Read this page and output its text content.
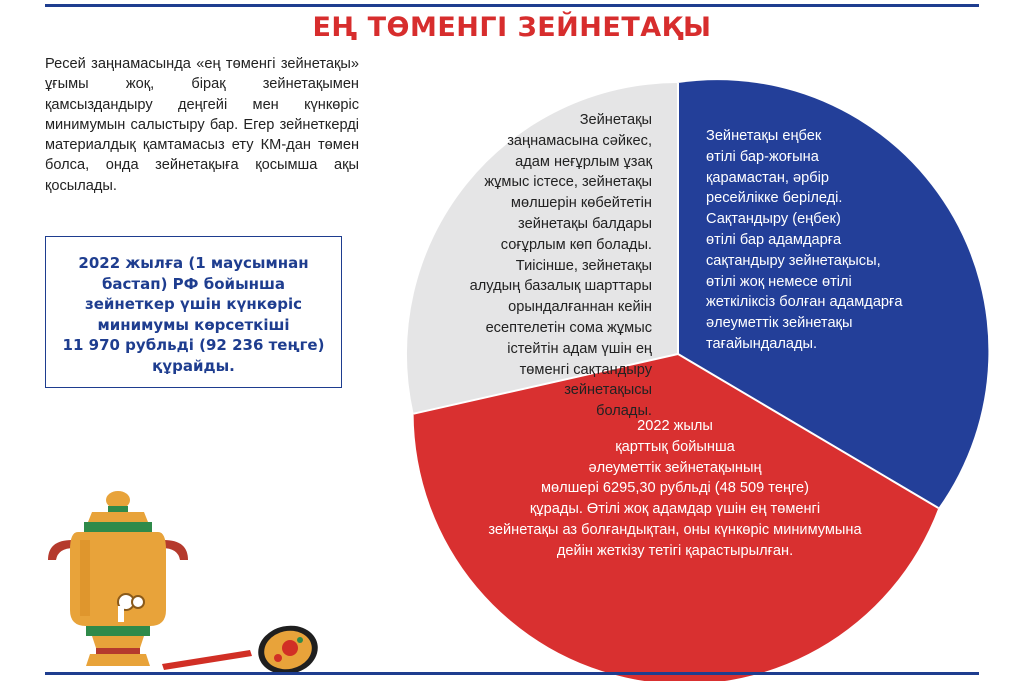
ЕҢ ТӨМЕНГІ ЗЕЙНЕТАҚЫ
Ресей заңнамасында «ең төменгі зейнетақы» ұғымы жоқ, бірақ зейнетақымен қамсыздандыру деңгейі мен күнкөріс минимумын салыстыру бар. Егер зейнеткерді материалдық қамтамасыз ету КМ-дан төмен болса, онда зейнетақыға қосымша ақы қосылады.
2022 жылға (1 маусымнан
бастап) РФ бойынша
зейнеткер үшін күнкөріс
минимумы көрсеткіші
11 970 рубльді (92 236 теңге)
құрайды.
Зейнетақы
заңнамасына сәйкес,
адам неғұрлым ұзақ
жұмыс істесе, зейнетақы
мөлшерін көбейтетін
зейнетақы балдары
соғұрлым көп болады.
Тиісінше, зейнетақы
алудың базалық шарттары
орындалғаннан кейін
есептелетін сома жұмыс
істейтін адам үшін ең
төменгі сақтандыру
зейнетақысы
болады.
Зейнетақы еңбек
өтілі бар-жоғына
қарамастан, әрбір
ресейлікке беріледі.
Сақтандыру (еңбек)
өтілі бар адамдарға
сақтандыру зейнетақысы,
өтілі жоқ немесе өтілі
жеткіліксіз болған адамдарға
әлеуметтік зейнетақы
тағайындалады.
2022 жылы
қарттық бойынша
әлеуметтік зейнетақының
мөлшері 6295,30 рубльді (48 509 теңге)
құрады. Өтілі жоқ адамдар үшін ең төменгі
зейнетақы аз болғандықтан, оны күнкөріс минимумына
дейін жеткізу тетігі қарастырылған.
